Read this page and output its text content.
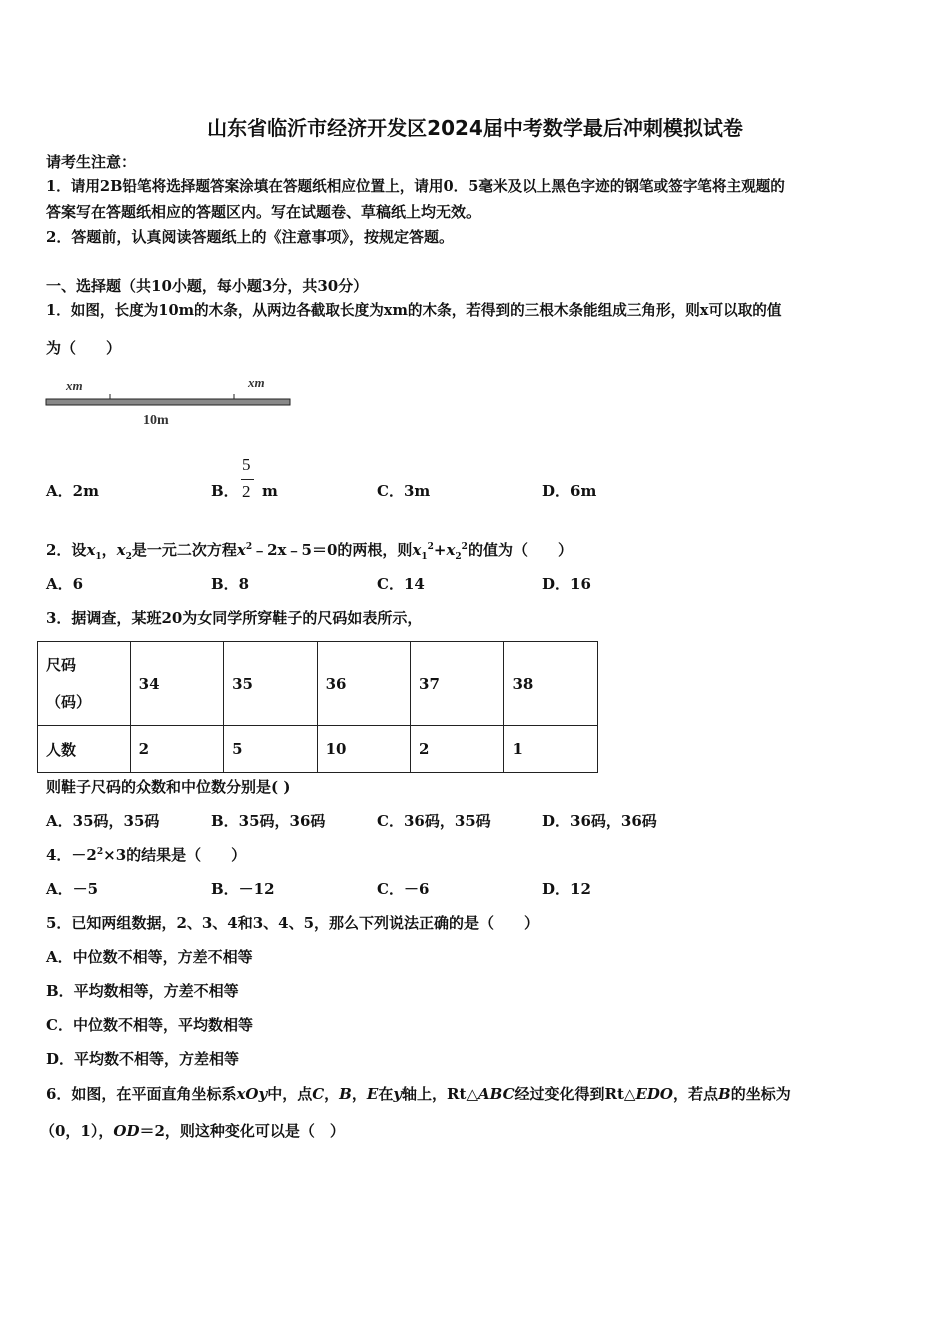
山东省临沂市经济开发区2024届中考数学最后冲刺模拟试卷
请考生注意：
1．请用2B铅笔将选择题答案涂填在答题纸相应位置上，请用0．5毫米及以上黑色字迹的钢笔或签字笔将主观题的
答案写在答题纸相应的答题区内。写在试题卷、草稿纸上均无效。
2．答题前，认真阅读答题纸上的《注意事项》，按规定答题。
一、选择题（共10小题，每小题3分，共30分）
1．如图，长度为10m的木条，从两边各截取长度为xm的木条，若得到的三根木条能组成三角形，则x可以取的值
为（　　）
xm	xm
10m
A．2m	B．
5
2 m	C．3m	D．6m
2．设$x_1$，$x_2$是一元二次方程$x^2﹣2x﹣5=0$的两根，则$x_1^2+x_2^2$的值为（　　）
A．6	B．8	C．14	D．16
3．据调查，某班20为女同学所穿鞋子的尺码如表所示，
尺码
（码）	34	35	36	37	38
人数	2	5	10	2	1
则鞋子尺码的众数和中位数分别是( )
A．35码，35码	B．35码，36码	C．36码，35码	D．36码，36码
4．$-2^2\times 3$的结果是（　　）
A．－5	B．－12	C．－6	D．12
5．已知两组数据，2、3、4和3、4、5，那么下列说法正确的是（　　）
A．中位数不相等，方差不相等
B．平均数相等，方差不相等
C．中位数不相等，平均数相等
D．平均数不相等，方差相等
6．如图，在平面直角坐标系xOy中，点C，B，E在y轴上，Rt△ABC经过变化得到Rt△EDO，若点B的坐标为
（0，1），OD＝2，则这种变化可以是（　）
